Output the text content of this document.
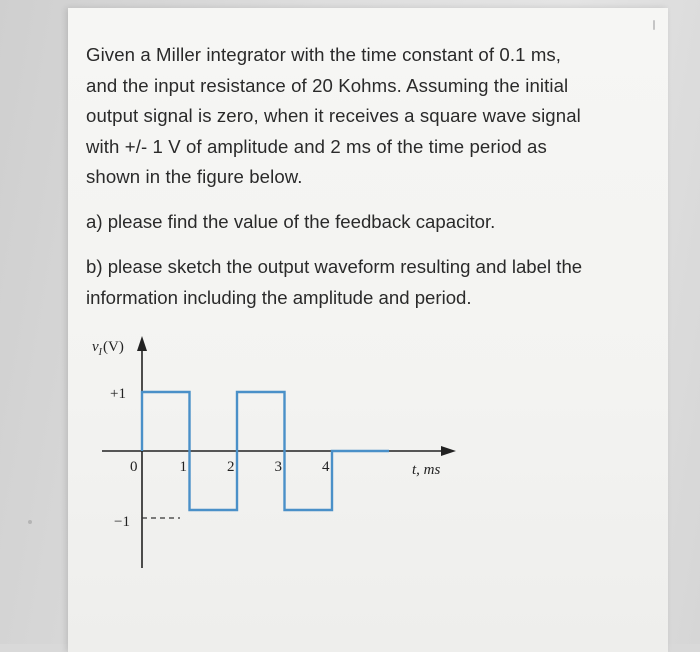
Given a Miller integrator with the time constant of 0.1 ms,
and the input resistance of 20 Kohms. Assuming the initial
output signal is zero, when it receives a square wave signal
with +/- 1 V of amplitude and 2 ms of the time period as
shown in the figure below.
a) please find the value of the feedback capacitor.
b) please sketch the output waveform resulting and label the
information including the amplitude and period.
$v_I(V)$
+1
−1
0	1	2	3	4	t, ms
